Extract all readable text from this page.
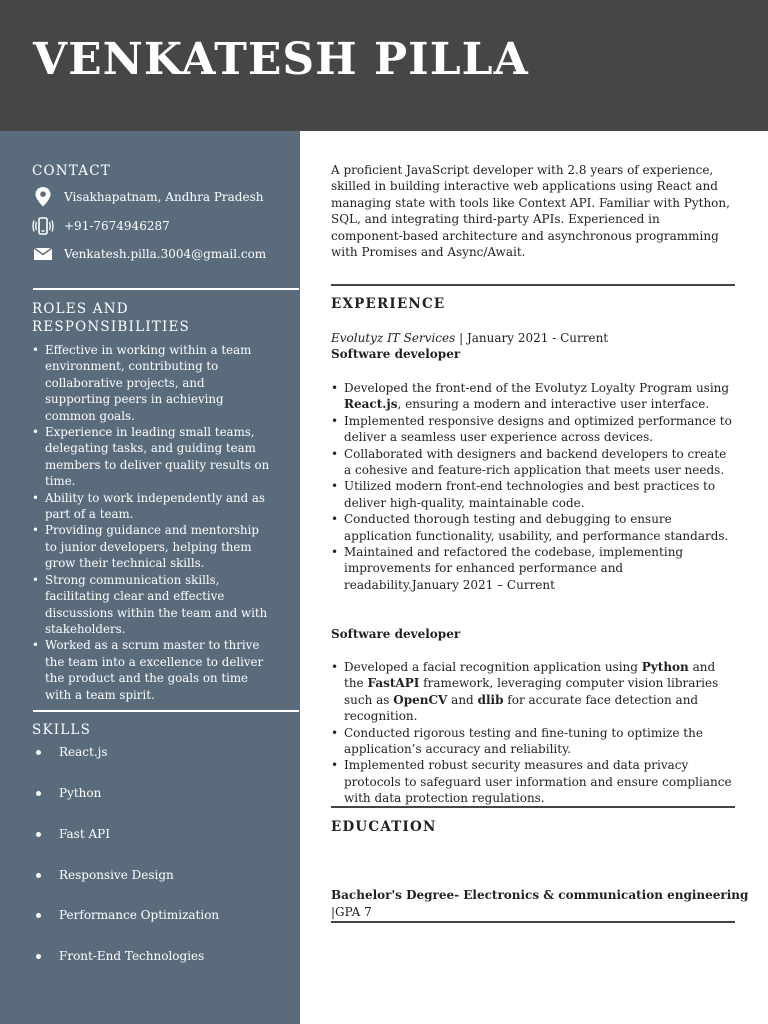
VENKATESH PILLA
CONTACT
Visakhapatnam, Andhra Pradesh
+91-7674946287
Venkatesh.pilla.3004@gmail.com
ROLES AND
RESPONSIBILITIES
• Effective in working within a team environment, contributing to collaborative projects, and supporting peers in achieving common goals.
• Experience in leading small teams, delegating tasks, and guiding team members to deliver quality results on time.
• Ability to work independently and as part of a team.
• Providing guidance and mentorship to junior developers, helping them grow their technical skills.
• Strong communication skills, facilitating clear and effective discussions within the team and with stakeholders.
• Worked as a scrum master to thrive the team into a excellence to deliver the product and the goals on time with a team spirit.
SKILLS
React.js
Python
Fast API
Responsive Design
Performance Optimization
Front-End Technologies

A proficient JavaScript developer with 2.8 years of experience, skilled in building interactive web applications using React and managing state with tools like Context API. Familiar with Python, SQL, and integrating third-party APIs. Experienced in component-based architecture and asynchronous programming with Promises and Async/Await.

EXPERIENCE
Evolutyz IT Services | January 2021 - Current
Software developer
• Developed the front-end of the Evolutyz Loyalty Program using React.js, ensuring a modern and interactive user interface.
• Implemented responsive designs and optimized performance to deliver a seamless user experience across devices.
• Collaborated with designers and backend developers to create a cohesive and feature-rich application that meets user needs.
• Utilized modern front-end technologies and best practices to deliver high-quality, maintainable code.
• Conducted thorough testing and debugging to ensure application functionality, usability, and performance standards.
• Maintained and refactored the codebase, implementing improvements for enhanced performance and readability.January 2021 – Current
Software developer
• Developed a facial recognition application using Python and the FastAPI framework, leveraging computer vision libraries such as OpenCV and dlib for accurate face detection and recognition.
• Conducted rigorous testing and fine-tuning to optimize the application’s accuracy and reliability.
• Implemented robust security measures and data privacy protocols to safeguard user information and ensure compliance with data protection regulations.
EDUCATION
Bachelor's Degree- Electronics & communication engineering
|GPA 7
